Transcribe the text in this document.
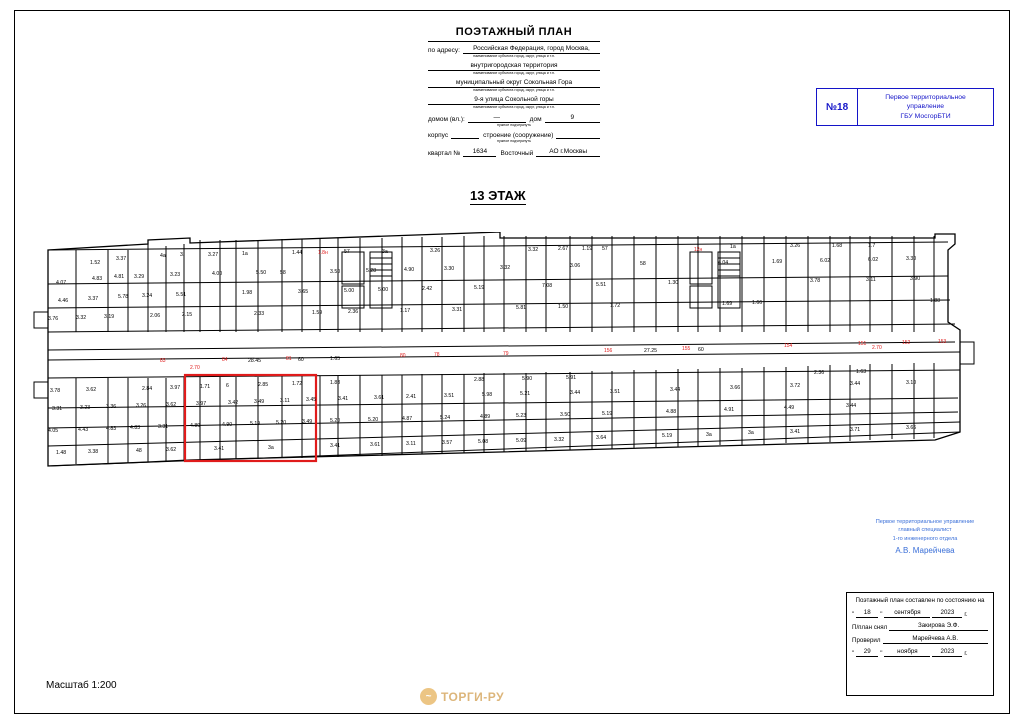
ПОЭТАЖНЫЙ ПЛАН
по адресу:	Российская Федерация, город Москва,
наименование субъекта город, округ, улица и т.п.
внутригородская территория
наименование субъекта город, округ, улица и т.п.
муниципальный округ Сокольная Гора
наименование субъекта город, округ, улица и т.п.
9-я улица Сокольной горы
наименование субъекта город, округ, улица и т.п.
домом (вл.):	—	дом	9
нужное подчеркнуть
корпус	строение (сооружение)
нужное подчеркнуть
квартал №	1634	Восточный	АО г.Москвы
№18
Первое территориальное
управление
ГБУ МосгорБТИ
13 ЭТАЖ
83	84	81	80	78	79	156	155	154	151	152	153
1.8н	12н
2.70
2.70
1.52
3.37	4a	3.	3.27	1a	1.44	57	3a	3.26	3.32	2.67	1.19 57	1a	3.26	1.68	1.7
4.07
4.83 4.81 3.29	3.23	4.00	5.50	58	3.50	5.28	4.90	3.30	3.32	3.06	58	4.04	1.69	6.02	6.02	3.30
4.46	3.37	5.78	3.24	5.51	1.98	3.65	5.00	5.00	2.42	5.19	7.08	5.51	1.30	3.78	3.11	3.90
3.76	3.32	3.19	2.06	2.15	2.33	1.59	2.36	1.17	3.31	5.81	1.50	1.72	1.69	1.66	1.88
28.45	60	1.65
27.25	60
3.78	3.62	2.84	3.97	1.71	6	2.85	1.72	1.83	2.88	5.90	5.91
2.36	1.63
3.31	3.23	3.36	3.26	3.62	3.97	3.42	3.49	3.11	3.45	3.41	3.61	2.41	3.51	5.98	5.21	3.44	3.51	3.44	3.66	3.72	3.44	3.10
4.05	4.43	4.83	4.83	3.31	4.89	4.90	5.19	5.20	3.49	5.20	5.20	4.87	5.24	4.89	5.23	3.50	5.19	4.88	4.91	4.49	3.44
1.48	3.38	48	3.62	3.41	3a	3.41	3.61	3.11	3.57	5.08	5.09	3.32	3.64	5.19	3a	3a	3.41	3.71	3.66
Первое территориальное управление
главный специалист
1-го инженерного отдела
А.В. Марейчева
Поэтажный план составлен по состоянию на
"	18	"	сентября	2023	г.
П/план снял	Закирова Э.Ф.
Проверил	Марейчева А.В.
"	29	"	ноября	2023	г.
Масштаб 1:200
~ ТОРГИ-РУ
